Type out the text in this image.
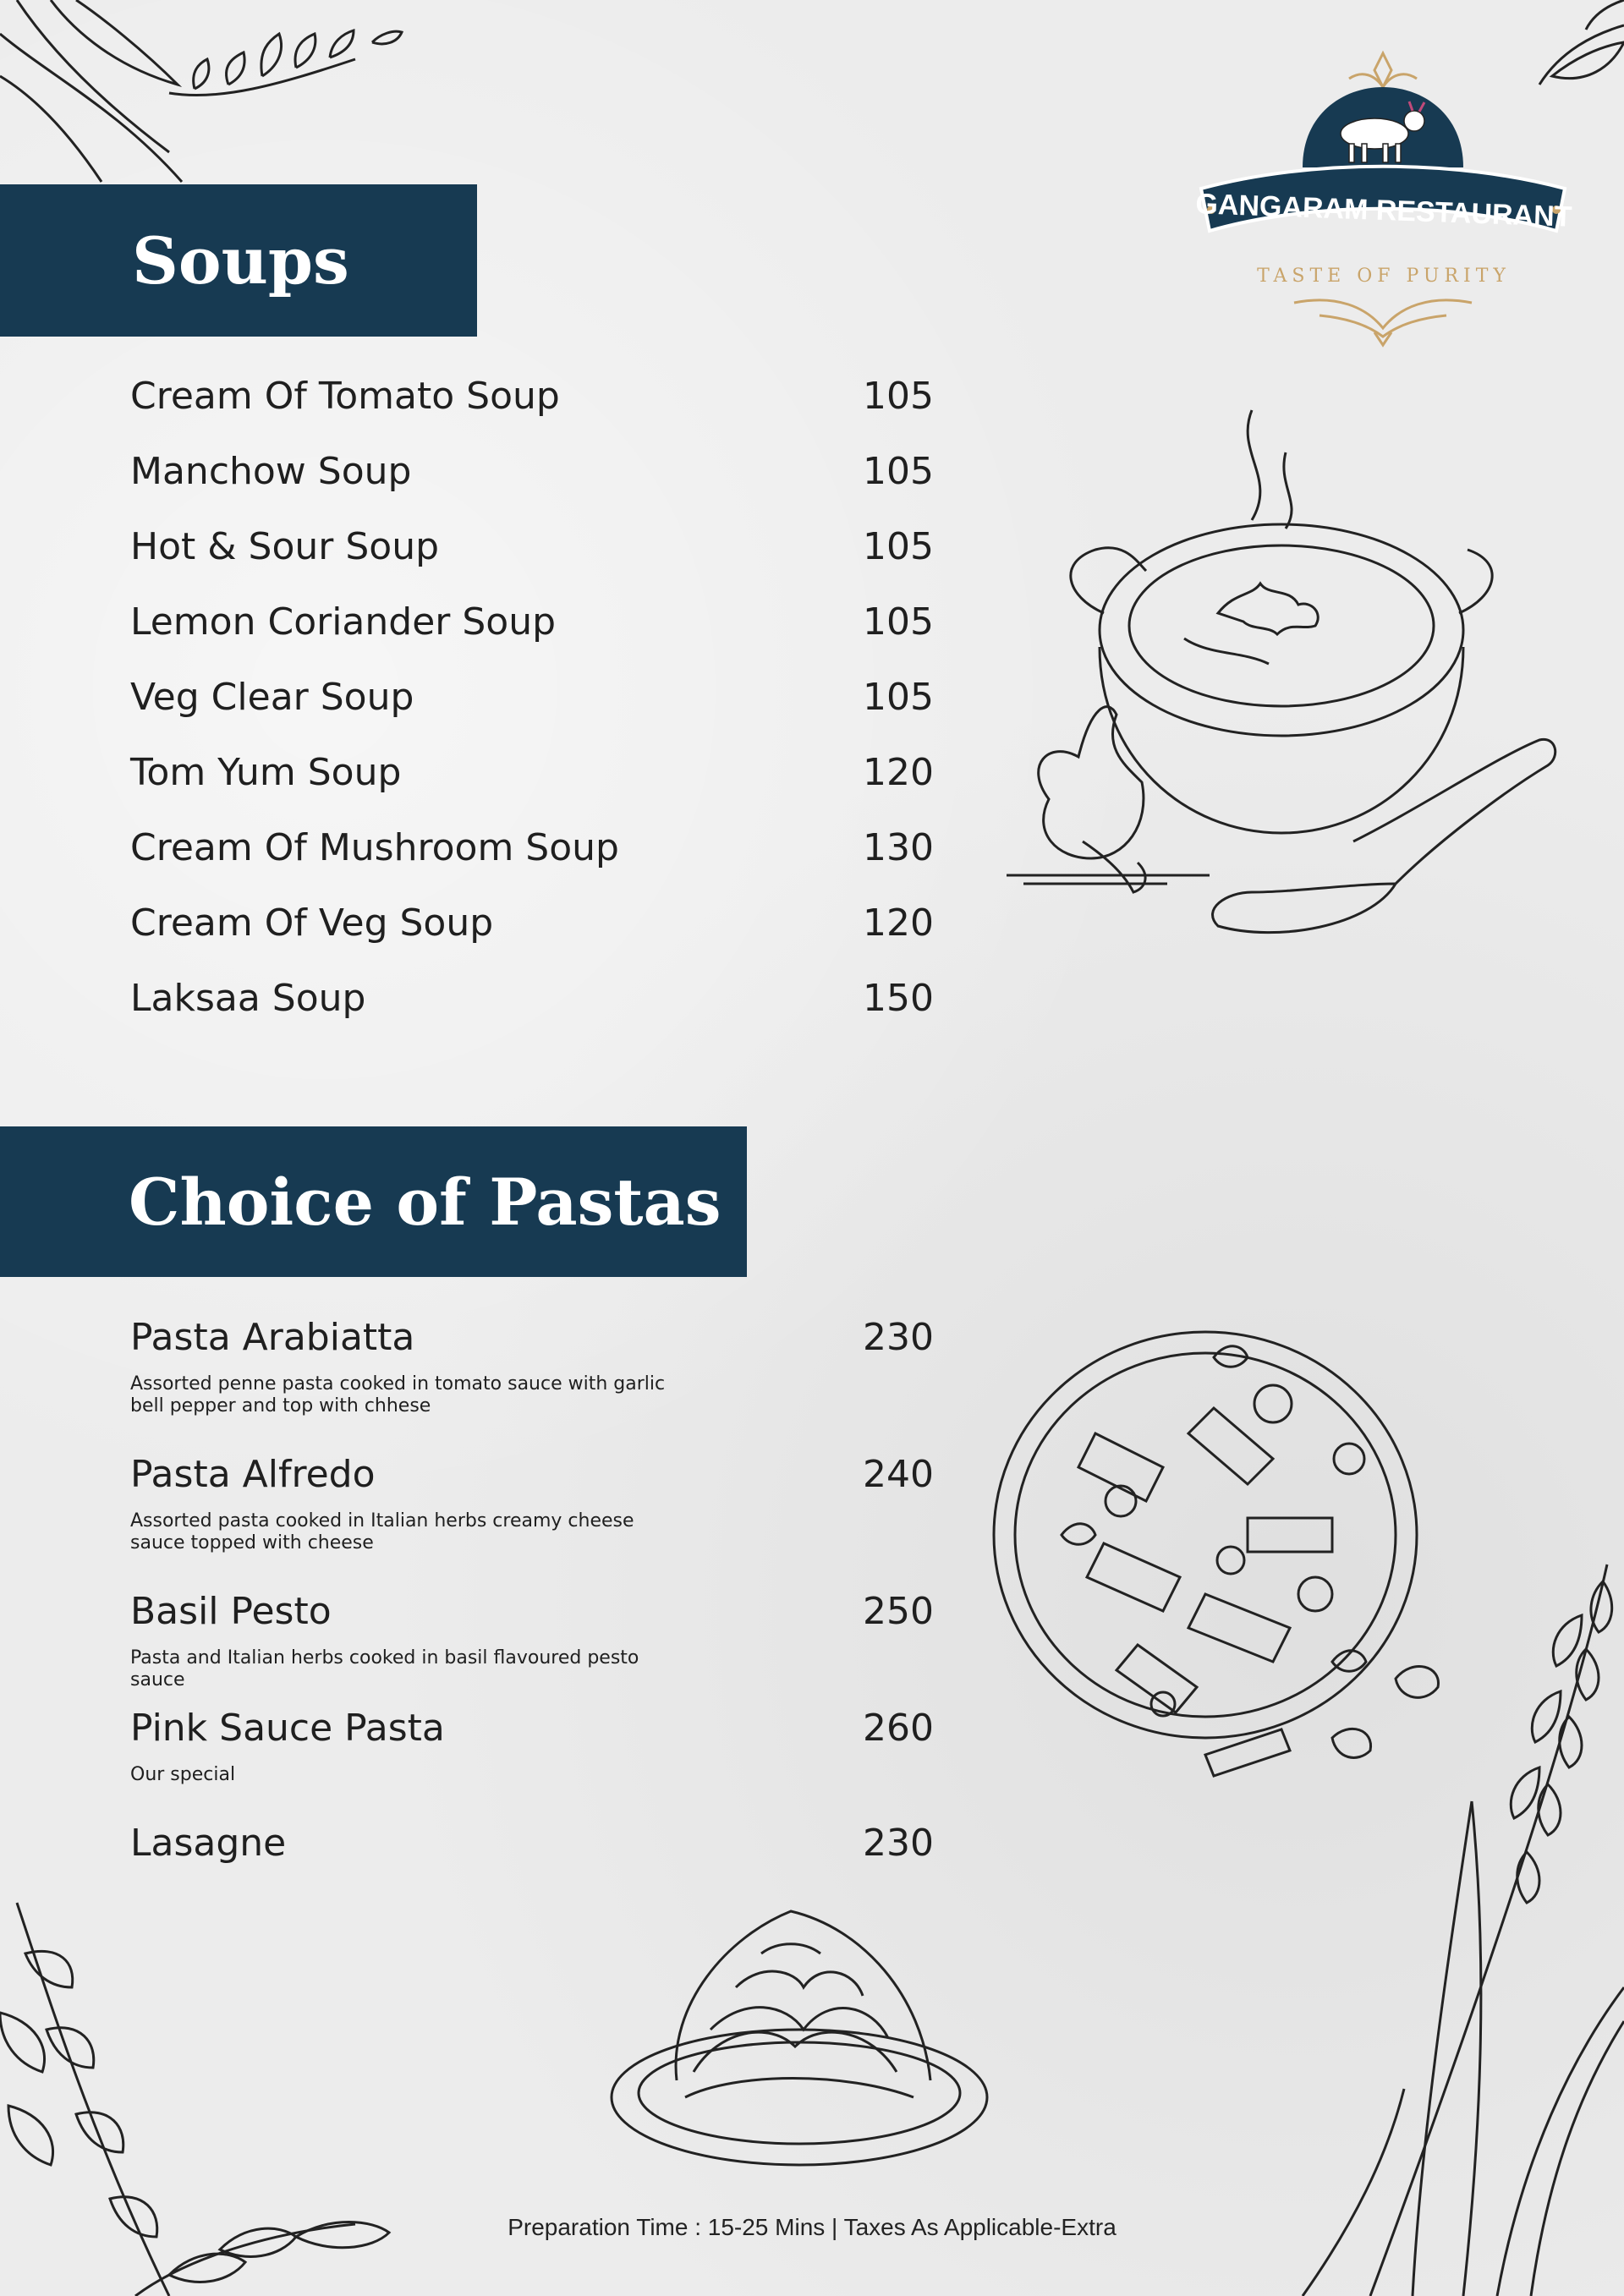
GANGARAM RESTAURANT
TASTE OF PURITY
Soups
Cream Of Tomato Soup	105
Manchow Soup	105
Hot & Sour Soup	105
Lemon Coriander Soup	105
Veg Clear Soup	105
Tom Yum Soup	120
Cream Of Mushroom Soup	130
Cream Of Veg Soup	120
Laksaa Soup	150
Choice of Pastas
Pasta Arabiatta	230
Assorted penne pasta cooked in tomato sauce with garlic bell pepper and top with chhese
Pasta Alfredo	240
Assorted pasta cooked in Italian herbs creamy cheese sauce topped with cheese
Basil Pesto	250
Pasta and Italian herbs cooked in basil flavoured pesto sauce
Pink Sauce Pasta	260
Our special
Lasagne	230
Preparation Time : 15-25 Mins | Taxes As Applicable-Extra
